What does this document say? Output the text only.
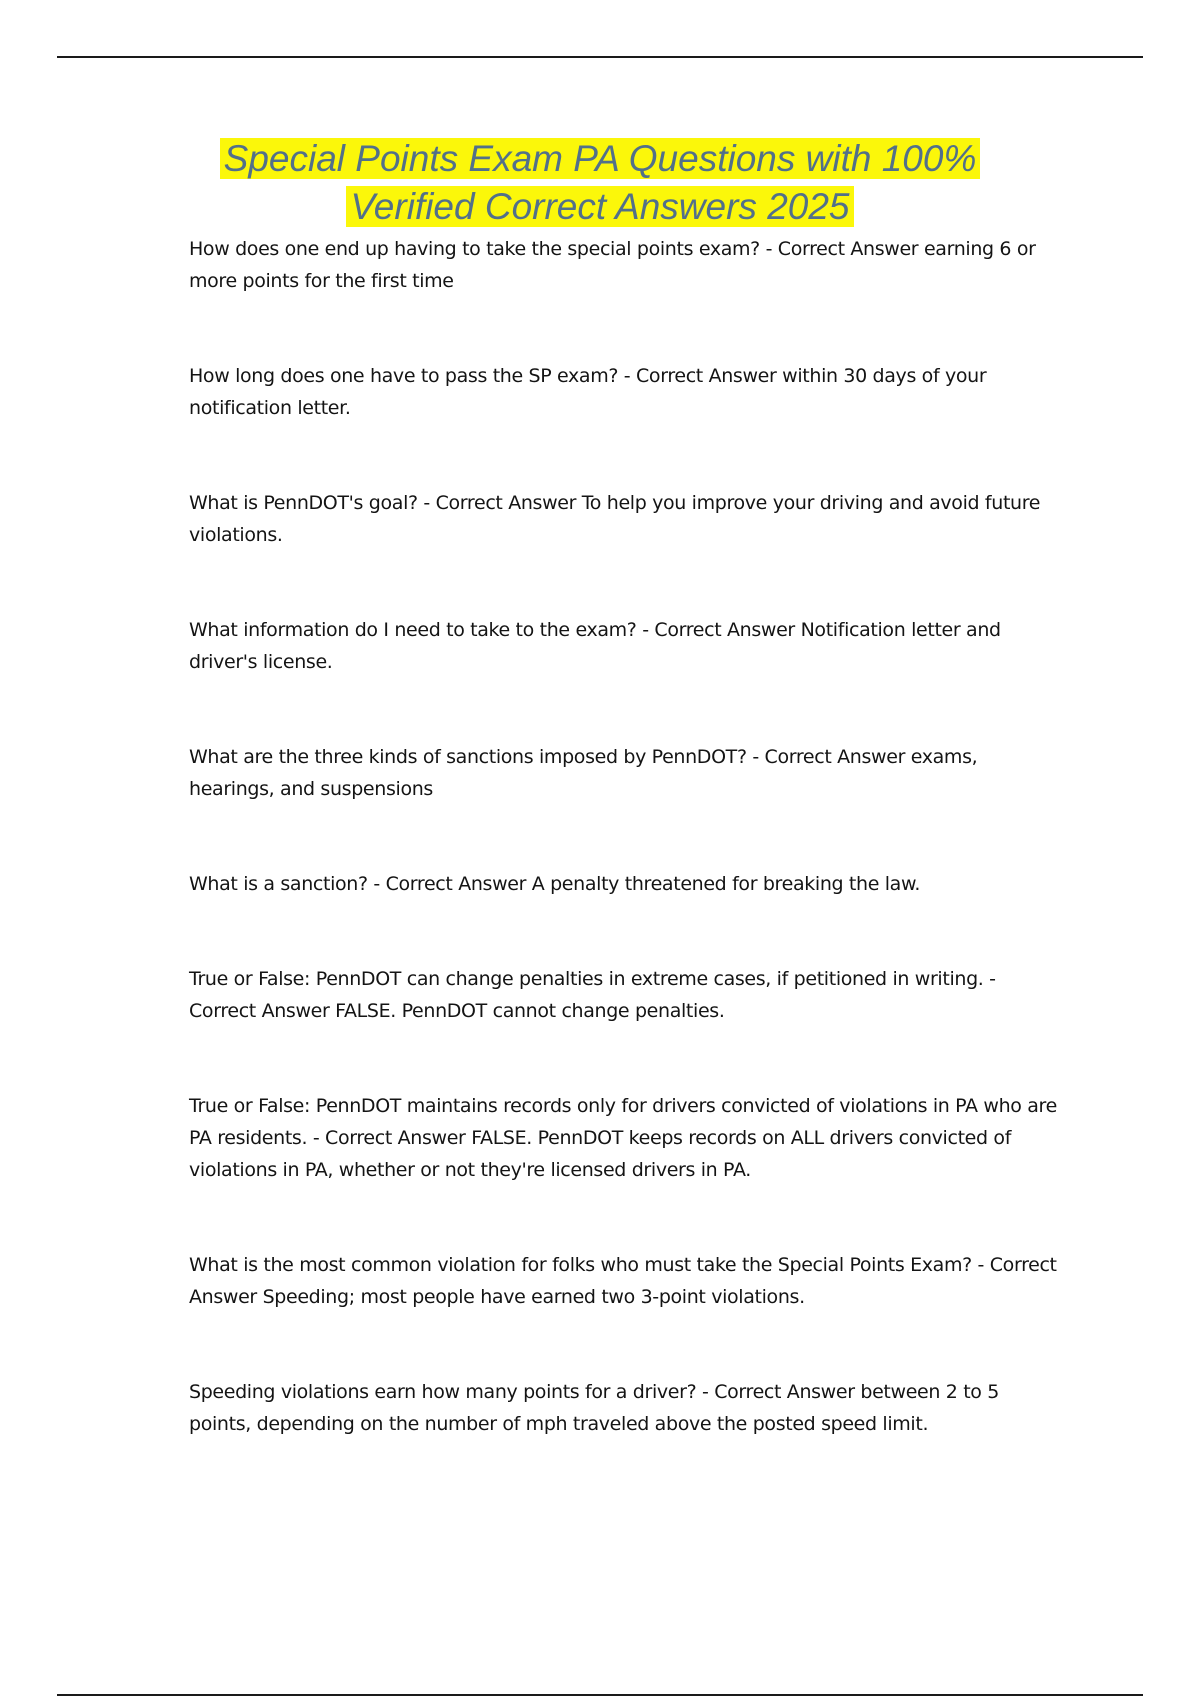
Special Points Exam PA Questions with 100%
Verified Correct Answers 2025

How does one end up having to take the special points exam? - Correct Answer earning 6 or more points for the first time

How long does one have to pass the SP exam? - Correct Answer within 30 days of your notification letter.

What is PennDOT's goal? - Correct Answer To help you improve your driving and avoid future violations.

What information do I need to take to the exam? - Correct Answer Notification letter and driver's license.

What are the three kinds of sanctions imposed by PennDOT? - Correct Answer exams, hearings, and suspensions

What is a sanction? - Correct Answer A penalty threatened for breaking the law.

True or False: PennDOT can change penalties in extreme cases, if petitioned in writing. - Correct Answer FALSE. PennDOT cannot change penalties.

True or False: PennDOT maintains records only for drivers convicted of violations in PA who are PA residents. - Correct Answer FALSE. PennDOT keeps records on ALL drivers convicted of violations in PA, whether or not they're licensed drivers in PA.

What is the most common violation for folks who must take the Special Points Exam? - Correct Answer Speeding; most people have earned two 3-point violations.

Speeding violations earn how many points for a driver? - Correct Answer between 2 to 5 points, depending on the number of mph traveled above the posted speed limit.
